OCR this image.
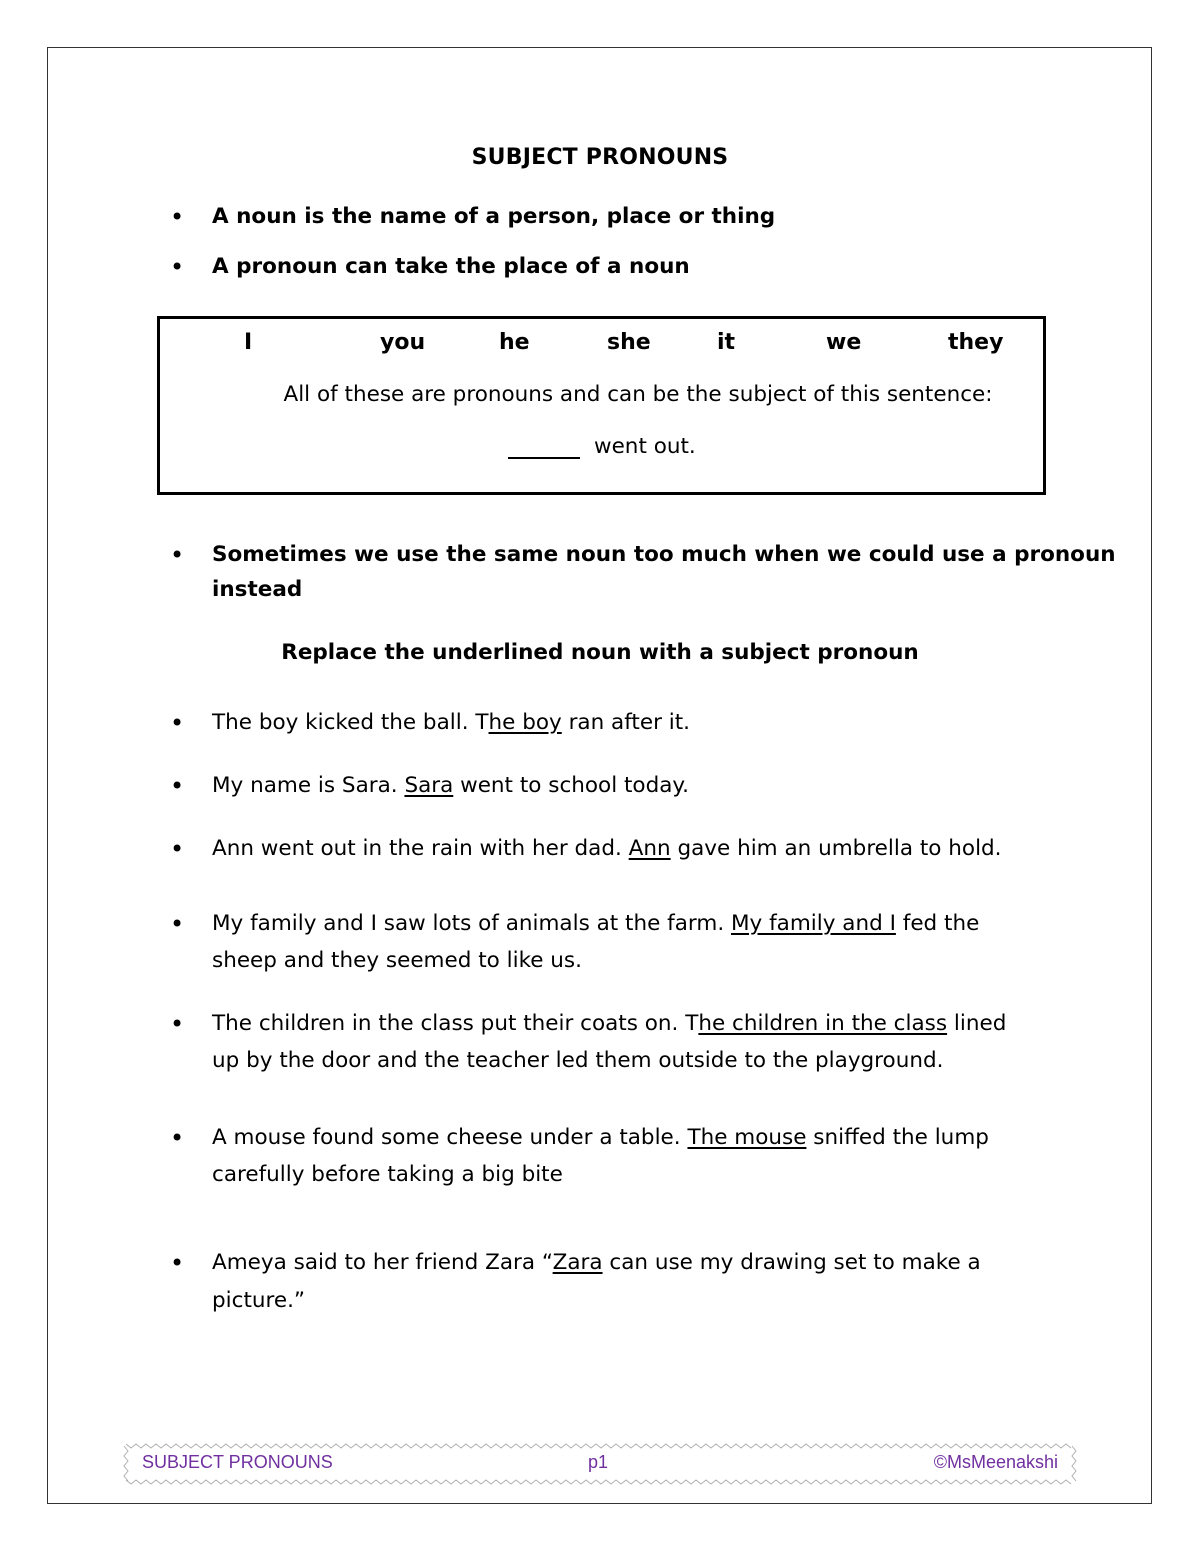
SUBJECT PRONOUNS
• A noun is the name of a person, place or thing
• A pronoun can take the place of a noun
I	you	he	she	it	we	they
All of these are pronouns and can be the subject of this sentence:
went out.
• Sometimes we use the same noun too much when we could use a pronoun
instead
Replace the underlined noun with a subject pronoun
• The boy kicked the ball. The boy ran after it.
• My name is Sara. Sara went to school today.
• Ann went out in the rain with her dad. Ann gave him an umbrella to hold.
• My family and I saw lots of animals at the farm. My family and I fed the
sheep and they seemed to like us.
• The children in the class put their coats on. The children in the class lined
up by the door and the teacher led them outside to the playground.
• A mouse found some cheese under a table. The mouse sniffed the lump
carefully before taking a big bite
• Ameya said to her friend Zara “Zara can use my drawing set to make a
picture.”
SUBJECT PRONOUNS	p1	©MsMeenakshi
